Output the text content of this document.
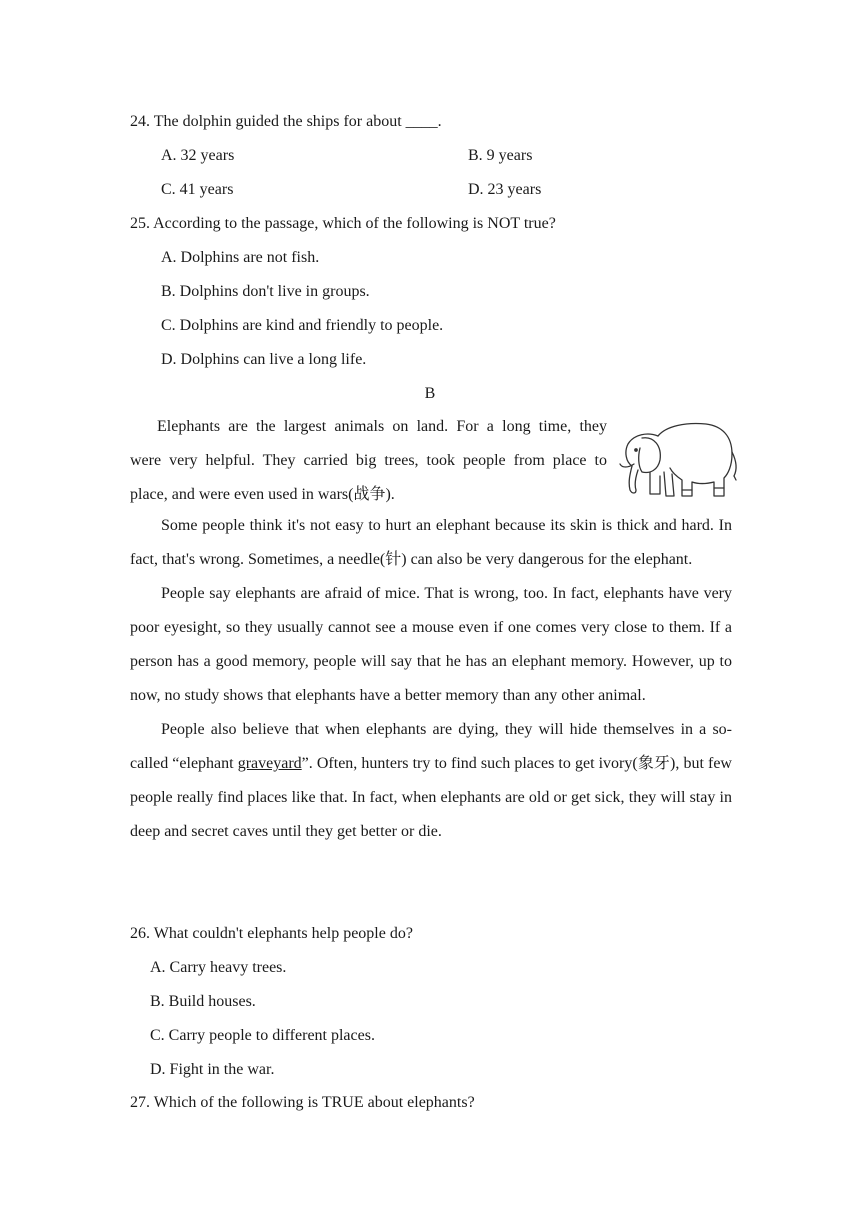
24. The dolphin guided the ships for about ____.
A. 32 years	B. 9 years
C. 41 years	D. 23 years
25. According to the passage, which of the following is NOT true?
A. Dolphins are not fish.
B. Dolphins don't live in groups.
C. Dolphins are kind and friendly to people.
D. Dolphins can live a long life.
B
Elephants are the largest animals on land. For a long time, they
were very helpful. They carried big trees, took people from place to
place, and were even used in wars(战争).

Some people think it's not easy to hurt an elephant because its skin is thick and hard. In fact, that's wrong. Sometimes, a needle(针) can also be very dangerous for the elephant.

People say elephants are afraid of mice. That is wrong, too. In fact, elephants have very poor eyesight, so they usually cannot see a mouse even if one comes very close to them. If a person has a good memory, people will say that he has an elephant memory. However, up to now, no study shows that elephants have a better memory than any other animal.

People also believe that when elephants are dying, they will hide themselves in a so-called “elephant graveyard”. Often, hunters try to find such places to get ivory(象牙), but few people really find places like that. In fact, when elephants are old or get sick, they will stay in deep and secret caves until they get better or die.

26. What couldn't elephants help people do?
A. Carry heavy trees.
B. Build houses.
C. Carry people to different places.
D. Fight in the war.
27. Which of the following is TRUE about elephants?
